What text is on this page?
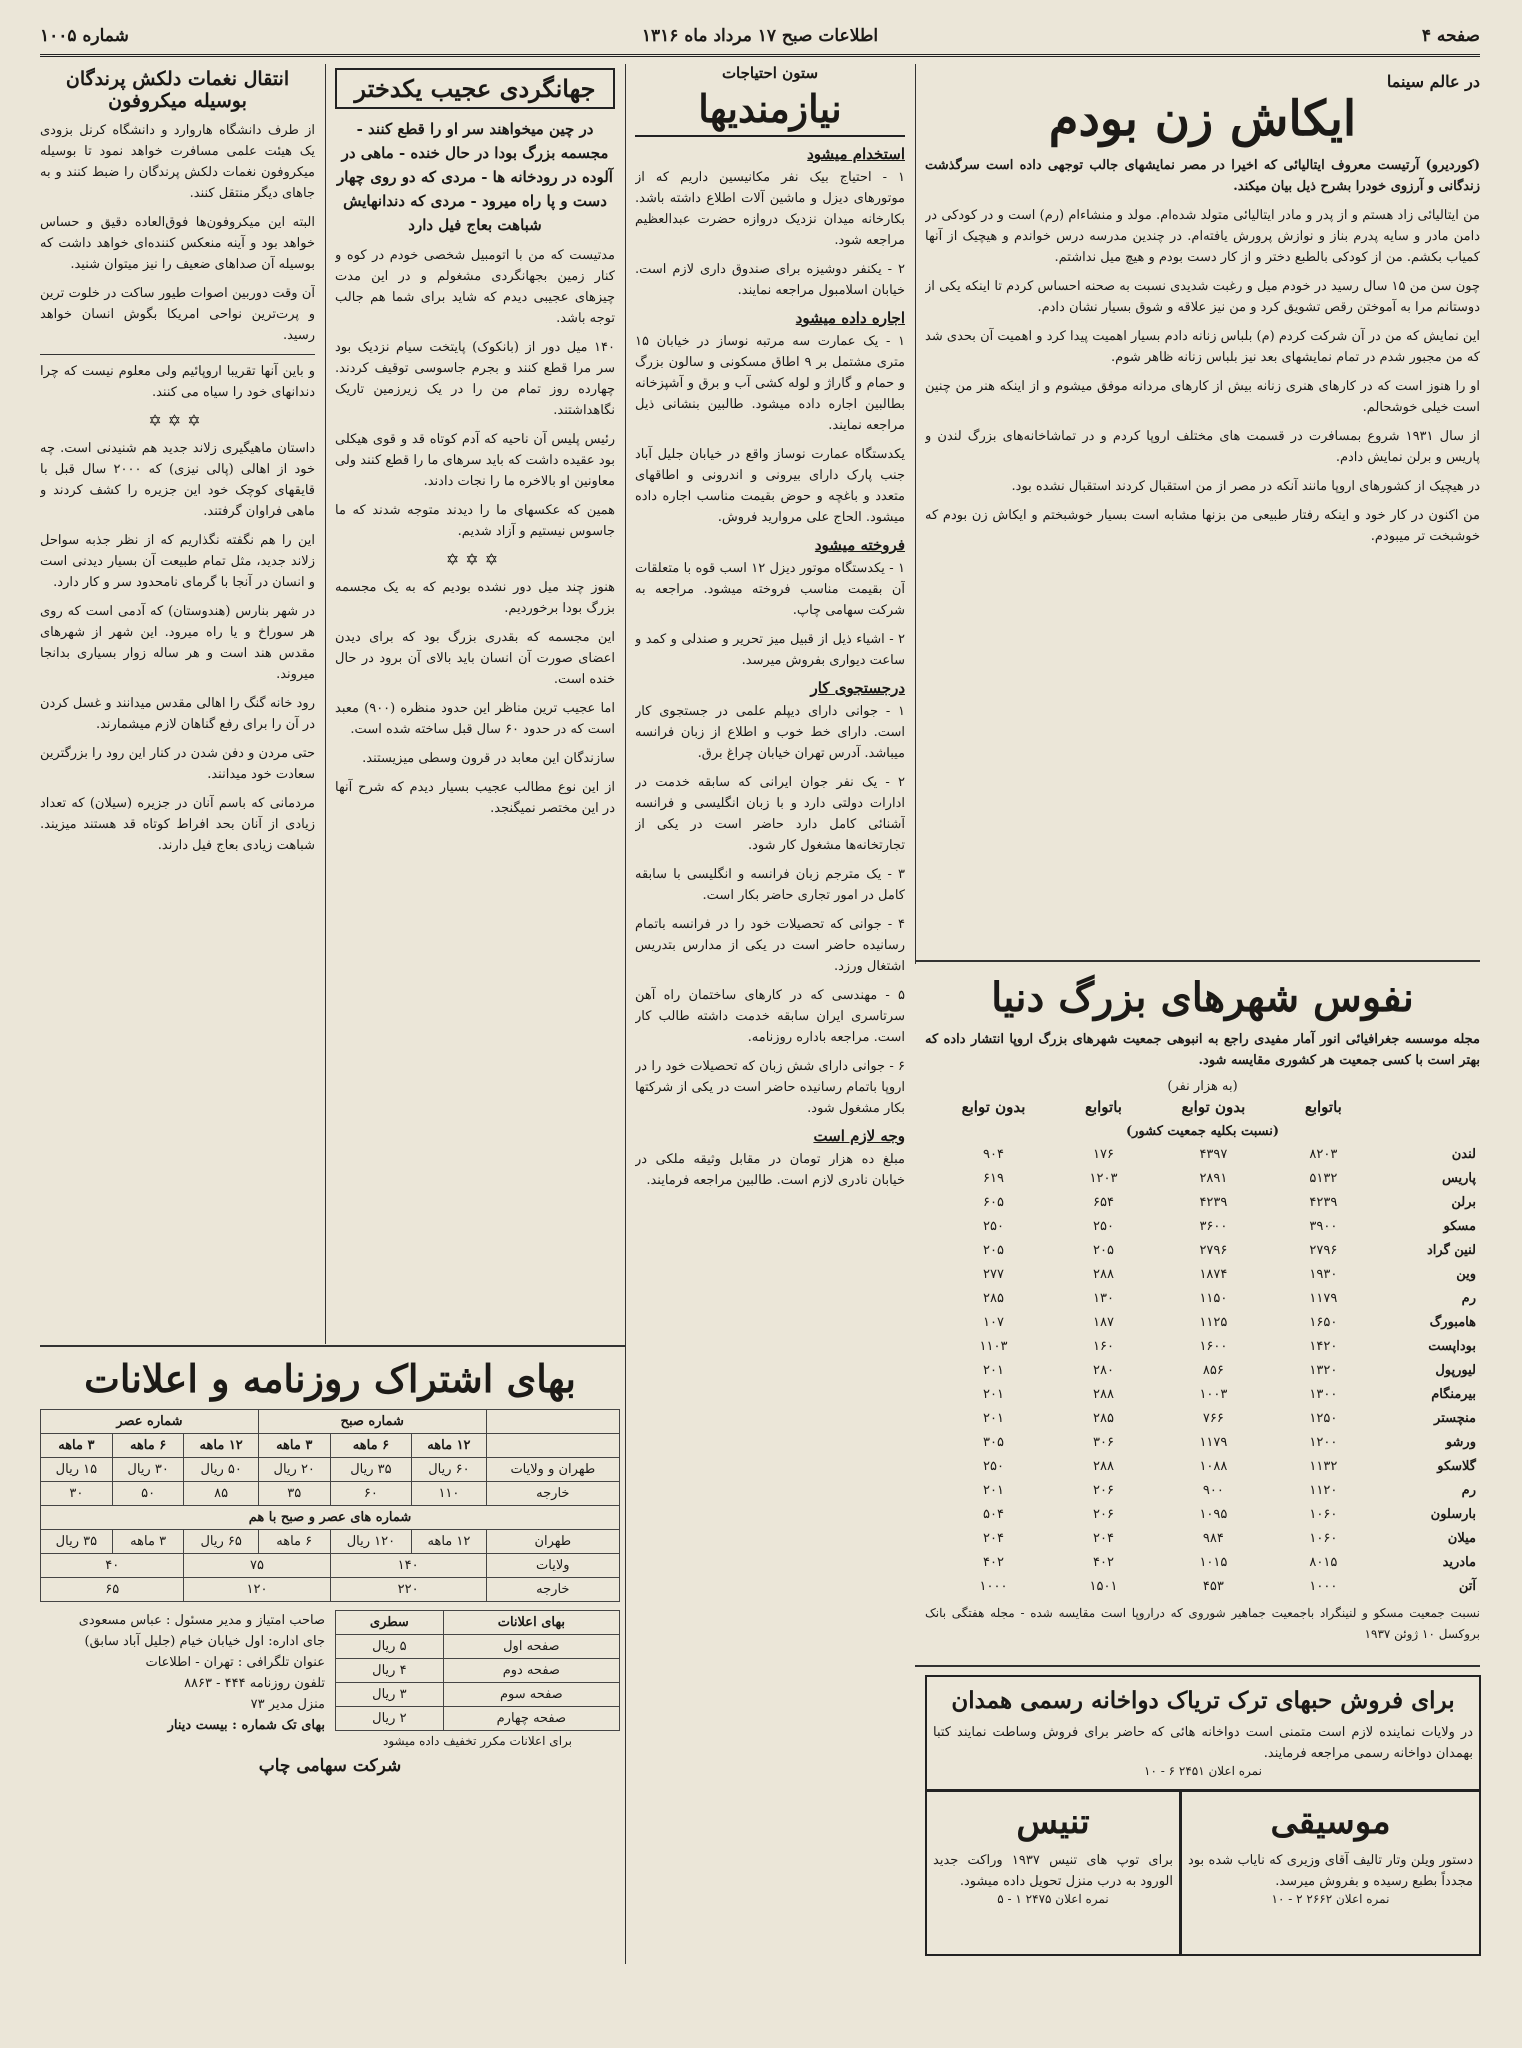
صفحه ۴
اطلاعات صبح ۱۷ مرداد ماه ۱۳۱۶
شماره ۱۰۰۵
در عالم سینما
ایکاش زن بودم

(کوردیرو) آرتیست معروف ایتالیائی که اخیرا در مصر نمایشهای جالب توجهی داده است سرگذشت زندگانی و آرزوی خودرا بشرح ذیل بیان میکند.

من ایتالیائی زاد هستم و از پدر و مادر ایتالیائی متولد شده‌ام. مولد و منشاءام (رم) است و در کودکی در دامن مادر و سایه پدرم بناز و نوازش پرورش یافته‌ام. در چندین مدرسه درس خواندم و هیچیک از آنها کمیاب بکشم. من از کودکی بالطبع دختر و از کار دست بودم و هیچ میل نداشتم.

چون سن من ۱۵ سال رسید در خودم میل و رغبت شدیدی نسبت به صحنه احساس کردم تا اینکه یکی از دوستانم مرا به آموختن رقص تشویق کرد و من نیز علاقه و شوق بسیار نشان دادم.

این نمایش که من در آن شرکت کردم (م) بلباس زنانه دادم بسیار اهمیت پیدا کرد و اهمیت آن بحدی شد که من مجبور شدم در تمام نمایشهای بعد نیز بلباس زنانه ظاهر شوم.

او را هنوز است که در کارهای هنری زنانه بیش از کارهای مردانه موفق میشوم و از اینکه هنر من چنین است خیلی خوشحالم.

از سال ۱۹۳۱ شروع بمسافرت در قسمت های مختلف اروپا کردم و در تماشاخانه‌های بزرگ لندن و پاریس و برلن نمایش دادم.

در هیچیک از کشورهای اروپا مانند آنکه در مصر از من استقبال کردند استقبال نشده بود.

من اکنون در کار خود و اینکه رفتار طبیعی من بزنها مشابه است بسیار خوشبختم و ایکاش زن بودم که خوشبخت تر میبودم.

نفوس شهرهای بزرگ دنیا

مجله موسسه جغرافیائی انور آمار مفیدی راجع به انبوهی جمعیت شهرهای بزرگ اروپا انتشار داده که بهتر است با کسی جمعیت هر کشوری مقایسه شود.

(به هزار نفر)
	باتوابع	بدون توابع	باتوابع	بدون توابع
(نسبت بکلیه جمعیت کشور)				
لندن	۸۲۰۳	۴۳۹۷	۱۷۶	۹۰۴
پاریس	۵۱۳۲	۲۸۹۱	۱۲۰۳	۶۱۹
برلن	۴۲۳۹	۴۲۳۹	۶۵۴	۶۰۵
مسکو	۳۹۰۰	۳۶۰۰	۲۵۰	۲۵۰
لنین گراد	۲۷۹۶	۲۷۹۶	۲۰۵	۲۰۵
وین	۱۹۳۰	۱۸۷۴	۲۸۸	۲۷۷
رم	۱۱۷۹	۱۱۵۰	۱۳۰	۲۸۵
هامبورگ	۱۶۵۰	۱۱۲۵	۱۸۷	۱۰۷
بوداپست	۱۴۲۰	۱۶۰۰	۱۶۰	۱۱۰۳
لیورپول	۱۳۲۰	۸۵۶	۲۸۰	۲۰۱
بیرمنگام	۱۳۰۰	۱۰۰۳	۲۸۸	۲۰۱
منچستر	۱۲۵۰	۷۶۶	۲۸۵	۲۰۱
ورشو	۱۲۰۰	۱۱۷۹	۳۰۶	۳۰۵
گلاسکو	۱۱۳۲	۱۰۸۸	۲۸۸	۲۵۰
رم	۱۱۲۰	۹۰۰	۲۰۶	۲۰۱
بارسلون	۱۰۶۰	۱۰۹۵	۲۰۶	۵۰۴
میلان	۱۰۶۰	۹۸۴	۲۰۴	۲۰۴
مادرید	۸۰۱۵	۱۰۱۵	۴۰۲	۴۰۲
آتن	۱۰۰۰	۴۵۳	۱۵۰۱	۱۰۰۰

نسبت جمعیت مسکو و لنینگراد باجمعیت جماهیر شوروی که دراروپا است مقایسه شده - مجله هفتگی بانک بروکسل ۱۰ ژوئن ۱۹۳۷

برای فروش حبهای ترک تریاک دواخانه رسمی همدان

در ولایات نماینده لازم است متمنی است دواخانه هائی که حاضر برای فروش وساطت نمایند کتبا بهمدان دواخانه رسمی مراجعه فرمایند.

نمره اعلان ۲۴۵۱ ۶ - ۱۰
موسیقی

دستور ویلن وتار تالیف آقای وزیری که نایاب شده بود مجدداً بطبع رسیده و بفروش میرسد.

نمره اعلان ۲۶۶۲ ۲ - ۱۰
تنیس

برای توپ های تنیس ۱۹۳۷ وراکت جدید الورود به درب منزل تحویل داده میشود.

نمره اعلان ۲۴۷۵ ۱ - ۵
ستون احتیاجات
نیازمندیها
استخدام میشود

۱ - احتیاج بیک نفر مکانیسین داریم که از موتورهای دیزل و ماشین آلات اطلاع داشته باشد. بکارخانه میدان نزدیک دروازه حضرت عبدالعظیم مراجعه شود.

۲ - یکنفر دوشیزه برای صندوق داری لازم است. خیابان اسلامبول مراجعه نمایند.

اجاره داده میشود

۱ - یک عمارت سه مرتبه نوساز در خیابان ۱۵ متری مشتمل بر ۹ اطاق مسکونی و سالون بزرگ و حمام و گاراژ و لوله کشی آب و برق و آشپزخانه بطالبین اجاره داده میشود. طالبین بنشانی ذیل مراجعه نمایند.

یکدستگاه عمارت نوساز واقع در خیابان جلیل آباد جنب پارک دارای بیرونی و اندرونی و اطاقهای متعدد و باغچه و حوض بقیمت مناسب اجاره داده میشود. الحاج علی مروارید فروش.

فروخته میشود

۱ - یکدستگاه موتور دیزل ۱۲ اسب قوه با متعلقات آن بقیمت مناسب فروخته میشود. مراجعه به شرکت سهامی چاپ.

۲ - اشیاء ذیل از قبیل میز تحریر و صندلی و کمد و ساعت دیواری بفروش میرسد.

درجستجوی کار

۱ - جوانی دارای دیپلم علمی در جستجوی کار است. دارای خط خوب و اطلاع از زبان فرانسه میباشد. آدرس تهران خیابان چراغ برق.

۲ - یک نفر جوان ایرانی که سابقه خدمت در ادارات دولتی دارد و با زبان انگلیسی و فرانسه آشنائی کامل دارد حاضر است در یکی از تجارتخانه‌ها مشغول کار شود.

۳ - یک مترجم زبان فرانسه و انگلیسی با سابقه کامل در امور تجاری حاضر بکار است.

۴ - جوانی که تحصیلات خود را در فرانسه باتمام رسانیده حاضر است در یکی از مدارس بتدریس اشتغال ورزد.

۵ - مهندسی که در کارهای ساختمان راه آهن سرتاسری ایران سابقه خدمت داشته طالب کار است. مراجعه باداره روزنامه.

۶ - جوانی دارای شش زبان که تحصیلات خود را در اروپا باتمام رسانیده حاضر است در یکی از شرکتها بکار مشغول شود.

وجه لازم است

مبلغ ده هزار تومان در مقابل وثیقه ملکی در خیابان نادری لازم است. طالبین مراجعه فرمایند.

جهانگردی عجیب یکدختر

در چین میخواهند سر او را قطع کنند - مجسمه بزرگ بودا در حال خنده - ماهی در آلوده در رودخانه ها - مردی که دو روی چهار دست و پا راه میرود - مردی که دندانهایش شباهت بعاج فیل دارد

مدتیست که من با اتومبیل شخصی خودم در کوه و کنار زمین بجهانگردی مشغولم و در این مدت چیزهای عجیبی دیدم که شاید برای شما هم جالب توجه باشد.

۱۴۰ میل دور از (بانکوک) پایتخت سیام نزدیک بود سر مرا قطع کنند و بجرم جاسوسی توقیف کردند. چهارده روز تمام من را در یک زیرزمین تاریک نگاهداشتند.

رئیس پلیس آن ناحیه که آدم کوتاه قد و قوی هیکلی بود عقیده داشت که باید سرهای ما را قطع کنند ولی معاونین او بالاخره ما را نجات دادند.

همین که عکسهای ما را دیدند متوجه شدند که ما جاسوس نیستیم و آزاد شدیم.

✡✡✡

هنوز چند میل دور نشده بودیم که به یک مجسمه بزرگ بودا برخوردیم.

این مجسمه که بقدری بزرگ بود که برای دیدن اعضای صورت آن انسان باید بالای آن برود در حال خنده است.

اما عجیب ترین مناظر این حدود منظره (۹۰۰) معبد است که در حدود ۶۰ سال قبل ساخته شده است.

سازندگان این معابد در قرون وسطی میزیستند.

از این نوع مطالب عجیب بسیار دیدم که شرح آنها در این مختصر نمیگنجد.

انتقال نغمات دلکش پرندگان بوسیله میکروفون

از طرف دانشگاه هاروارد و دانشگاه کرنل بزودی یک هیئت علمی مسافرت خواهد نمود تا بوسیله میکروفون نغمات دلکش پرندگان را ضبط کنند و به جاهای دیگر منتقل کنند.

البته این میکروفون‌ها فوق‌العاده دقیق و حساس خواهد بود و آینه منعکس کننده‌ای خواهد داشت که بوسیله آن صداهای ضعیف را نیز میتوان شنید.

آن وقت دوربین اصوات طیور ساکت در خلوت ترین و پرت‌ترین نواحی امریکا بگوش انسان خواهد رسید.

و باین آنها تقریبا اروپائیم ولی معلوم نیست که چرا دندانهای خود را سیاه می کنند.

✡✡✡

داستان ماهیگیری زلاند جدید هم شنیدنی است. چه خود از اهالی (پالی نیزی) که ۲۰۰۰ سال قبل با قایقهای کوچک خود این جزیره را کشف کردند و ماهی فراوان گرفتند.

این را هم نگفته نگذاریم که از نظر جذبه سواحل زلاند جدید، مثل تمام طبیعت آن بسیار دیدنی است و انسان در آنجا با گرمای نامحدود سر و کار دارد.

در شهر بنارس (هندوستان) که آدمی است که روی هر سوراخ و یا راه میرود. این شهر از شهرهای مقدس هند است و هر ساله زوار بسیاری بدانجا میروند.

رود خانه گنگ را اهالی مقدس میدانند و غسل کردن در آن را برای رفع گناهان لازم میشمارند.

حتی مردن و دفن شدن در کنار این رود را بزرگترین سعادت خود میدانند.

مردمانی که باسم آنان در جزیره (سیلان) که تعداد زیادی از آنان بحد افراط کوتاه قد هستند میزیند. شباهت زیادی بعاج فیل دارند.

بهای اشتراک روزنامه و اعلانات
	شماره صبح			شماره عصر		
	۱۲ ماهه	۶ ماهه	۳ ماهه	۱۲ ماهه	۶ ماهه	۳ ماهه
طهران و ولایات	۶۰ ریال	۳۵ ریال	۲۰ ریال	۵۰ ریال	۳۰ ریال	۱۵ ریال
خارجه	۱۱۰	۶۰	۳۵	۸۵	۵۰	۳۰
شماره های عصر و صبح با هم						
طهران	۱۲ ماهه	۱۲۰ ریال	۶ ماهه	۶۵ ریال	۳ ماهه	۳۵ ریال
ولایات	۱۴۰		۷۵		۴۰	
خارجه	۲۲۰		۱۲۰		۶۵	
بهای اعلانات	سطری
صفحه اول	۵ ریال
صفحه دوم	۴ ریال
صفحه سوم	۳ ریال
صفحه چهارم	۲ ریال
برای اعلانات مکرر تخفیف داده میشود
صاحب امتیاز و مدیر مسئول : عباس مسعودی
جای اداره: اول خیابان خیام (جلیل آباد سابق)
عنوان تلگرافی : تهران - اطلاعات
تلفون روزنامه ۴۴۴ - ۸۸۶۳
منزل مدیر ۷۳
بهای تک شماره : بیست دینار
شرکت سهامی چاپ
